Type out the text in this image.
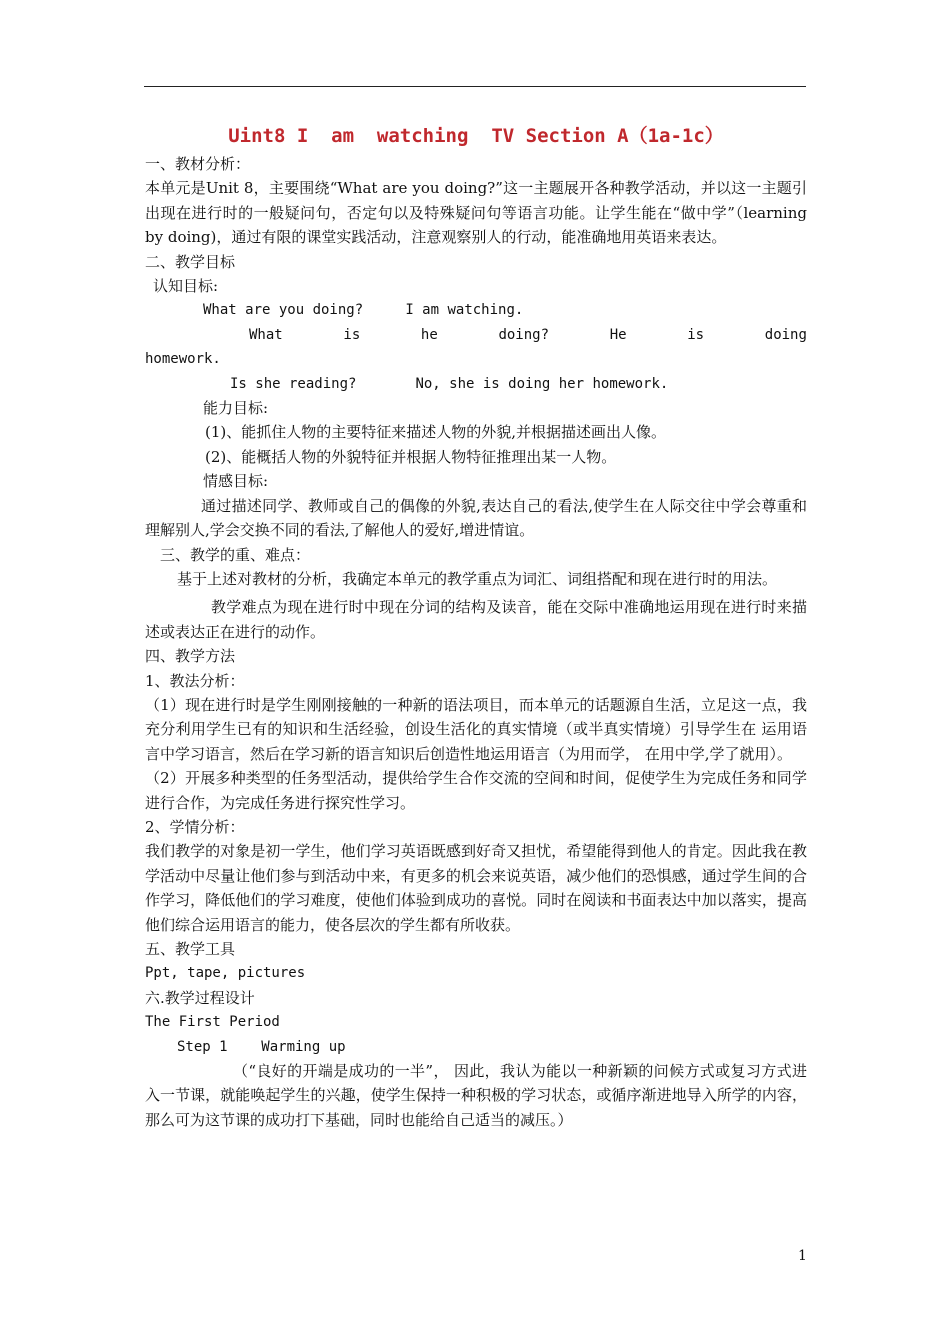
Uint8 I  am  watching  TV Section A（1a-1c）
一、教材分析：
本单元是Unit 8，主要围绕“What are you doing?”这一主题展开各种教学活动，并以这一主题引出现在进行时的一般疑问句，否定句以及特殊疑问句等语言功能。让学生能在“做中学”（learning by doing)，通过有限的课堂实践活动，注意观察别人的行动，能准确地用英语来表达。
二、教学目标
认知目标:
What are you doing?	I am watching.
What	is	he	doing?	He	is	doing
homework.
Is she reading?	No, she is doing her homework.
能力目标:
(1)、能抓住人物的主要特征来描述人物的外貌,并根据描述画出人像。
(2)、能概括人物的外貌特征并根据人物特征推理出某一人物。
情感目标:
通过描述同学、教师或自己的偶像的外貌,表达自己的看法,使学生在人际交往中学会尊重和理解别人,学会交换不同的看法,了解他人的爱好,增进情谊。
三、教学的重、难点：
基于上述对教材的分析，我确定本单元的教学重点为词汇、词组搭配和现在进行时的用法。
教学难点为现在进行时中现在分词的结构及读音，能在交际中准确地运用现在进行时来描述或表达正在进行的动作。
四、教学方法
1、教法分析：
（1）现在进行时是学生刚刚接触的一种新的语法项目，而本单元的话题源自生活，立足这一点，我充分利用学生已有的知识和生活经验，创设生活化的真实情境（或半真实情境）引导学生在 运用语言中学习语言，然后在学习新的语言知识后创造性地运用语言（为用而学， 在用中学,学了就用）。
（2）开展多种类型的任务型活动，提供给学生合作交流的空间和时间，促使学生为完成任务和同学进行合作，为完成任务进行探究性学习。
2、学情分析：
我们教学的对象是初一学生，他们学习英语既感到好奇又担忧，希望能得到他人的肯定。因此我在教学活动中尽量让他们参与到活动中来，有更多的机会来说英语，减少他们的恐惧感，通过学生间的合作学习，降低他们的学习难度，使他们体验到成功的喜悦。同时在阅读和书面表达中加以落实，提高他们综合运用语言的能力，使各层次的学生都有所收获。
五、教学工具
Ppt, tape, pictures
六.教学过程设计
The First Period
Step 1    Warming up
（“良好的开端是成功的一半”， 因此，我认为能以一种新颖的问候方式或复习方式进入一节课，就能唤起学生的兴趣，使学生保持一种积极的学习状态，或循序渐进地导入所学的内容，那么可为这节课的成功打下基础，同时也能给自己适当的减压。）
1
